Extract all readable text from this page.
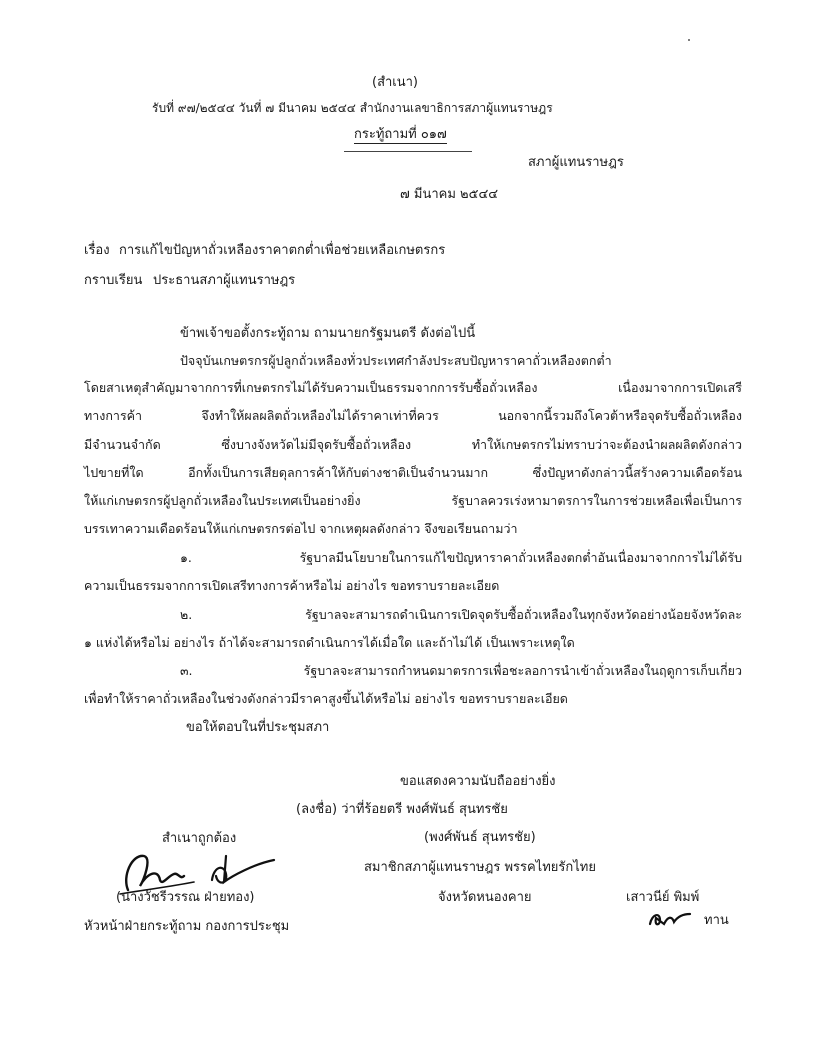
(สำเนา)
รับที่ ๙๗/๒๕๔๔ วันที่ ๗ มีนาคม ๒๕๔๔ สำนักงานเลขาธิการสภาผู้แทนราษฎร
กระทู้ถามที่ ๐๑๗
สภาผู้แทนราษฎร
๗ มีนาคม ๒๕๔๔
เรื่อง การแก้ไขปัญหาถั่วเหลืองราคาตกต่ำเพื่อช่วยเหลือเกษตรกร
กราบเรียน ประธานสภาผู้แทนราษฎร
ข้าพเจ้าขอตั้งกระทู้ถาม ถามนายกรัฐมนตรี ดังต่อไปนี้
ปัจจุบันเกษตรกรผู้ปลูกถั่วเหลืองทั่วประเทศกำลังประสบปัญหาราคาถั่วเหลืองตกต่ำ
โดยสาเหตุสำคัญมาจากการที่เกษตรกรไม่ได้รับความเป็นธรรมจากการรับซื้อถั่วเหลือง เนื่องมาจากการเปิดเสรี
ทางการค้า จึงทำให้ผลผลิตถั่วเหลืองไม่ได้ราคาเท่าที่ควร นอกจากนี้รวมถึงโควต้าหรือจุดรับซื้อถั่วเหลือง
มีจำนวนจำกัด ซึ่งบางจังหวัดไม่มีจุดรับซื้อถั่วเหลือง ทำให้เกษตรกรไม่ทราบว่าจะต้องนำผลผลิตดังกล่าว
ไปขายที่ใด อีกทั้งเป็นการเสียดุลการค้าให้กับต่างชาติเป็นจำนวนมาก ซึ่งปัญหาดังกล่าวนี้สร้างความเดือดร้อน
ให้แก่เกษตรกรผู้ปลูกถั่วเหลืองในประเทศเป็นอย่างยิ่ง รัฐบาลควรเร่งหามาตรการในการช่วยเหลือเพื่อเป็นการ
บรรเทาความเดือดร้อนให้แก่เกษตรกรต่อไป จากเหตุผลดังกล่าว จึงขอเรียนถามว่า
๑. รัฐบาลมีนโยบายในการแก้ไขปัญหาราคาถั่วเหลืองตกต่ำอันเนื่องมาจากการไม่ได้รับ
ความเป็นธรรมจากการเปิดเสรีทางการค้าหรือไม่ อย่างไร ขอทราบรายละเอียด
๒. รัฐบาลจะสามารถดำเนินการเปิดจุดรับซื้อถั่วเหลืองในทุกจังหวัดอย่างน้อยจังหวัดละ
๑ แห่งได้หรือไม่ อย่างไร ถ้าได้จะสามารถดำเนินการได้เมื่อใด และถ้าไม่ได้ เป็นเพราะเหตุใด
๓. รัฐบาลจะสามารถกำหนดมาตรการเพื่อชะลอการนำเข้าถั่วเหลืองในฤดูการเก็บเกี่ยว
เพื่อทำให้ราคาถั่วเหลืองในช่วงดังกล่าวมีราคาสูงขึ้นได้หรือไม่ อย่างไร ขอทราบรายละเอียด
ขอให้ตอบในที่ประชุมสภา
ขอแสดงความนับถืออย่างยิ่ง
(ลงชื่อ) ว่าที่ร้อยตรี พงศ์พันธ์ สุนทรชัย
(พงศ์พันธ์ สุนทรชัย)
สมาชิกสภาผู้แทนราษฎร พรรคไทยรักไทย
จังหวัดหนองคาย
สำเนาถูกต้อง
(นางวัชรีวรรณ ฝ่ายทอง)
หัวหน้าฝ่ายกระทู้ถาม กองการประชุม
เสาวนีย์ พิมพ์
ทาน
